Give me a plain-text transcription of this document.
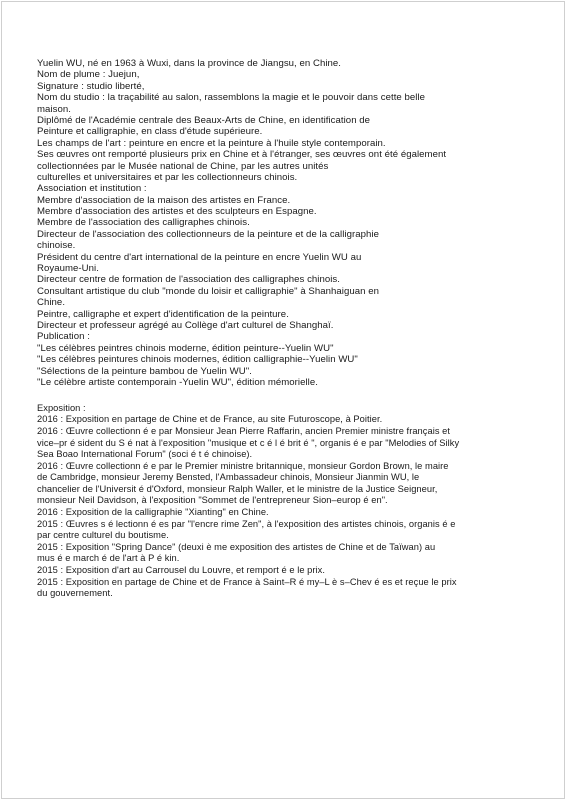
Yuelin WU, né en 1963 à Wuxi, dans la province de Jiangsu, en Chine.
Nom de plume : Juejun,
Signature : studio liberté,
Nom du studio : la traçabilité au salon, rassemblons la magie et le pouvoir dans cette belle
maison.
Diplômé de l'Académie centrale des Beaux-Arts de Chine, en identification de
Peinture et calligraphie, en class d'étude supérieure.
Les champs de l'art : peinture en encre et la peinture à l'huile style contemporain.
Ses œuvres ont remporté plusieurs prix en Chine et à l'étranger, ses œuvres ont été également
collectionnées par le Musée national de Chine, par les autres unités
culturelles et universitaires et par les collectionneurs chinois.
Association et institution :
Membre d'association de la maison des artistes en France.
Membre d'association des artistes et des sculpteurs en Espagne.
Membre de l'association des calligraphes chinois.
Directeur de l'association des collectionneurs de la peinture et de la calligraphie
chinoise.
Président du centre d'art international de la peinture en encre Yuelin WU au
Royaume-Uni.
Directeur centre de formation de l'association des calligraphes chinois.
Consultant artistique du club "monde du loisir et calligraphie" à Shanhaiguan en
Chine.
Peintre, calligraphe et expert d'identification de la peinture.
Directeur et professeur agrégé au Collège d'art culturel de Shanghaï.
Publication :
"Les célèbres peintres chinois moderne, édition peinture--Yuelin WU"
"Les célèbres peintures chinois modernes, édition calligraphie--Yuelin WU"
"Sélections de la peinture bambou de Yuelin WU".
"Le célèbre artiste contemporain -Yuelin WU", édition mémorielle.
Exposition :
2016 : Exposition en partage de Chine et de France, au site Futuroscope, à Poitier.
2016 : Œuvre collectionn é e par Monsieur Jean Pierre Raffarin, ancien Premier ministre français et
vice–pr é sident du S é nat à l'exposition "musique et c é l é brit é ", organis é e par "Melodies of Silky
Sea Boao International Forum" (soci é t é chinoise).
2016 : Œuvre collectionn é e par le Premier ministre britannique, monsieur Gordon Brown, le maire
de Cambridge, monsieur Jeremy Bensted, l'Ambassadeur chinois, Monsieur Jianmin WU, le
chancelier de l'Universit é d'Oxford, monsieur Ralph Waller, et le ministre de la Justice Seigneur,
monsieur Neil Davidson, à l'exposition "Sommet de l'entrepreneur Sion–europ é en".
2016 : Exposition de la calligraphie "Xianting" en Chine.
2015 : Œuvres s é lectionn é es par "l'encre rime Zen", à l'exposition des artistes chinois, organis é e
par centre culturel du boutisme.
2015 : Exposition "Spring Dance" (deuxi è me exposition des artistes de Chine et de Taïwan) au
mus é e march é de l'art à P é kin.
2015 : Exposition d'art au Carrousel du Louvre, et remport é e le prix.
2015 : Exposition en partage de Chine et de France à Saint–R é my–L è s–Chev é es et reçue le prix
du gouvernement.
